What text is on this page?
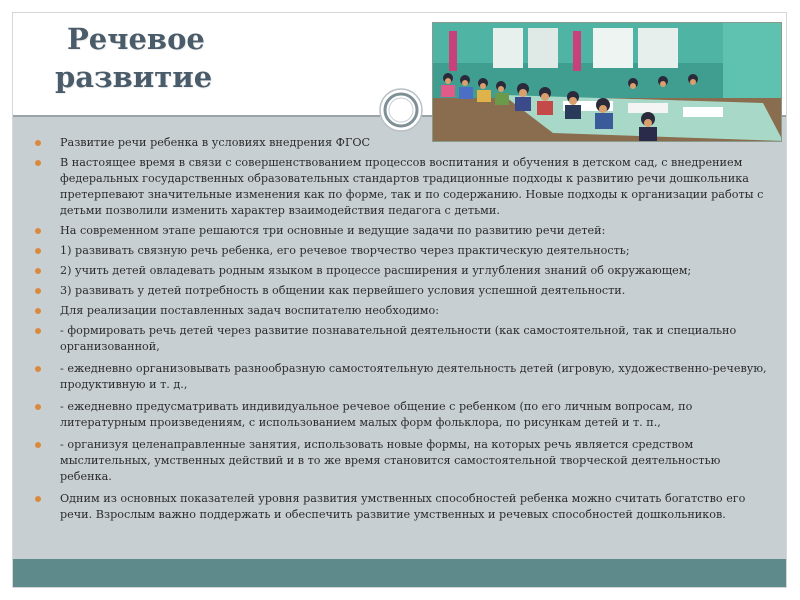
Речевое
развитие
Развитие речи ребенка в условиях внедрения ФГОС
В настоящее время в связи с совершенствованием процессов воспитания и обучения в детском сад, с внедрением федеральных государственных образовательных стандартов традиционные подходы к развитию речи дошкольника претерпевают значительные изменения как по форме, так и по содержанию. Новые подходы к организации работы с детьми позволили изменить характер взаимодействия педагога с детьми.
На современном этапе решаются три основные и ведущие задачи по развитию речи детей:
1) развивать связную речь ребенка, его речевое творчество через практическую деятельность;
2) учить детей овладевать родным языком в процессе расширения и углубления знаний об окружающем;
3) развивать у детей потребность в общении как первейшего условия успешной деятельности.
Для реализации поставленных задач воспитателю необходимо:
- формировать речь детей через развитие познавательной деятельности (как самостоятельной, так и специально организованной,
- ежедневно организовывать разнообразную самостоятельную деятельность детей (игровую, художественно-речевую, продуктивную и т. д.,
- ежедневно предусматривать индивидуальное речевое общение с ребенком (по его личным вопросам, по литературным произведениям, с использованием малых форм фольклора, по рисункам детей и т. п.,
- организуя целенаправленные занятия, использовать новые формы, на которых речь является средством мыслительных, умственных действий и в то же время становится самостоятельной творческой деятельностью ребенка.
Одним из основных показателей уровня развития умственных способностей ребенка можно считать богатство его речи. Взрослым важно поддержать и обеспечить развитие умственных и речевых способностей дошкольников.
